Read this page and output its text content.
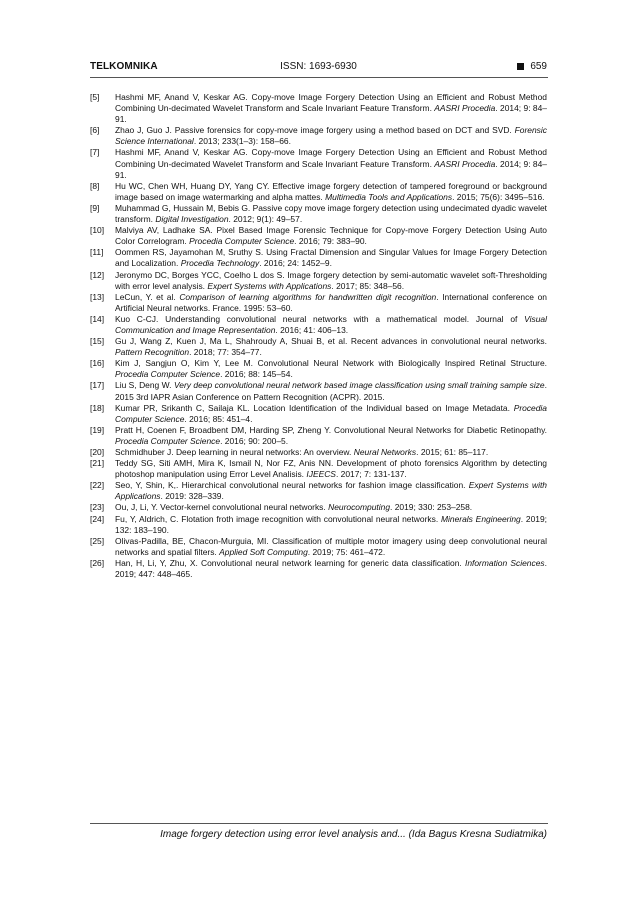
TELKOMNIKA	ISSN: 1693-6930	659
[5] Hashmi MF, Anand V, Keskar AG. Copy-move Image Forgery Detection Using an Efficient and Robust Method Combining Un-decimated Wavelet Transform and Scale Invariant Feature Transform. AASRI Procedia. 2014; 9: 84–91.
[6] Zhao J, Guo J. Passive forensics for copy-move image forgery using a method based on DCT and SVD. Forensic Science International. 2013; 233(1–3): 158–66.
[7] Hashmi MF, Anand V, Keskar AG. Copy-move Image Forgery Detection Using an Efficient and Robust Method Combining Un-decimated Wavelet Transform and Scale Invariant Feature Transform. AASRI Procedia. 2014; 9: 84–91.
[8] Hu WC, Chen WH, Huang DY, Yang CY. Effective image forgery detection of tampered foreground or background image based on image watermarking and alpha mattes. Multimedia Tools and Applications. 2015; 75(6): 3495–516.
[9] Muhammad G, Hussain M, Bebis G. Passive copy move image forgery detection using undecimated dyadic wavelet transform. Digital Investigation. 2012; 9(1): 49–57.
[10] Malviya AV, Ladhake SA. Pixel Based Image Forensic Technique for Copy-move Forgery Detection Using Auto Color Correlogram. Procedia Computer Science. 2016; 79: 383–90.
[11] Oommen RS, Jayamohan M, Sruthy S. Using Fractal Dimension and Singular Values for Image Forgery Detection and Localization. Procedia Technology. 2016; 24: 1452–9.
[12] Jeronymo DC, Borges YCC, Coelho L dos S. Image forgery detection by semi-automatic wavelet soft-Thresholding with error level analysis. Expert Systems with Applications. 2017; 85: 348–56.
[13] LeCun, Y. et al. Comparison of learning algorithms for handwritten digit recognition. International conference on Artificial Neural networks. France. 1995: 53–60.
[14] Kuo C-CJ. Understanding convolutional neural networks with a mathematical model. Journal of Visual Communication and Image Representation. 2016; 41: 406–13.
[15] Gu J, Wang Z, Kuen J, Ma L, Shahroudy A, Shuai B, et al. Recent advances in convolutional neural networks. Pattern Recognition. 2018; 77: 354–77.
[16] Kim J, Sangjun O, Kim Y, Lee M. Convolutional Neural Network with Biologically Inspired Retinal Structure. Procedia Computer Science. 2016; 88: 145–54.
[17] Liu S, Deng W. Very deep convolutional neural network based image classification using small training sample size. 2015 3rd IAPR Asian Conference on Pattern Recognition (ACPR). 2015.
[18] Kumar PR, Srikanth C, Sailaja KL. Location Identification of the Individual based on Image Metadata. Procedia Computer Science. 2016; 85: 451–4.
[19] Pratt H, Coenen F, Broadbent DM, Harding SP, Zheng Y. Convolutional Neural Networks for Diabetic Retinopathy. Procedia Computer Science. 2016; 90: 200–5.
[20] Schmidhuber J. Deep learning in neural networks: An overview. Neural Networks. 2015; 61: 85–117.
[21] Teddy SG, Siti AMH, Mira K, Ismail N, Nor FZ, Anis NN. Development of photo forensics Algorithm by detecting photoshop manipulation using Error Level Analisis. IJEECS. 2017; 7: 131-137.
[22] Seo, Y, Shin, K,. Hierarchical convolutional neural networks for fashion image classification. Expert Systems with Applications. 2019: 328–339.
[23] Ou, J, Li, Y. Vector-kernel convolutional neural networks. Neurocomputing. 2019; 330: 253–258.
[24] Fu, Y, Aldrich, C. Flotation froth image recognition with convolutional neural networks. Minerals Engineering. 2019; 132: 183–190.
[25] Olivas-Padilla, BE, Chacon-Murguia, MI. Classification of multiple motor imagery using deep convolutional neural networks and spatial filters. Applied Soft Computing. 2019; 75: 461–472.
[26] Han, H, Li, Y, Zhu, X. Convolutional neural network learning for generic data classification. Information Sciences. 2019; 447: 448–465.
Image forgery detection using error level analysis and... (Ida Bagus Kresna Sudiatmika)
